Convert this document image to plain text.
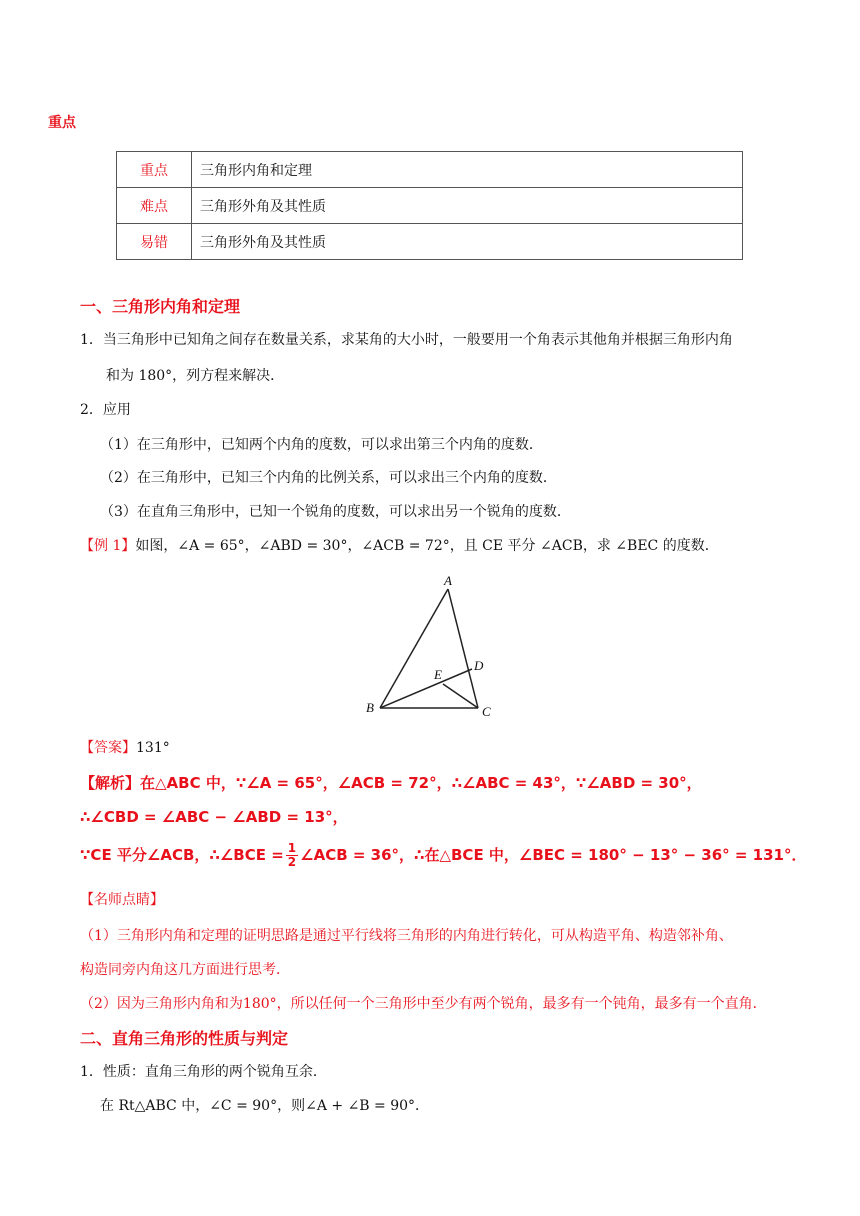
重点
重点	三角形内角和定理
难点	三角形外角及其性质
易错	三角形外角及其性质
一、三角形内角和定理
1．当三角形中已知角之间存在数量关系，求某角的大小时，一般要用一个角表示其他角并根据三角形内角
和为 180°，列方程来解决．
2．应用
（1）在三角形中，已知两个内角的度数，可以求出第三个内角的度数．
（2）在三角形中，已知三个内角的比例关系，可以求出三个内角的度数．
（3）在直角三角形中，已知一个锐角的度数，可以求出另一个锐角的度数．
【例 1】如图，∠A = 65°，∠ABD = 30°，∠ACB = 72°，且 CE 平分 ∠ACB，求 ∠BEC 的度数．
A
B	C
D
E
【答案】131°
【解析】在△ABC 中，∵∠A = 65°，∠ACB = 72°，∴∠ABC = 43°，∵∠ABD = 30°，
∴∠CBD = ∠ABC − ∠ABD = 13°，
∵CE 平分∠ACB，∴∠BCE = $\frac{1}{2}$ ∠ACB = 36°，∴在△BCE 中，∠BEC = 180° − 13° − 36° = 131°．
【名师点睛】
（1）三角形内角和定理的证明思路是通过平行线将三角形的内角进行转化，可从构造平角、构造邻补角、
构造同旁内角这几方面进行思考．
（2）因为三角形内角和为180°，所以任何一个三角形中至少有两个锐角，最多有一个钝角，最多有一个直角．
二、直角三角形的性质与判定
1．性质：直角三角形的两个锐角互余．
在 Rt△ABC 中，∠C = 90°，则∠A + ∠B = 90°．
